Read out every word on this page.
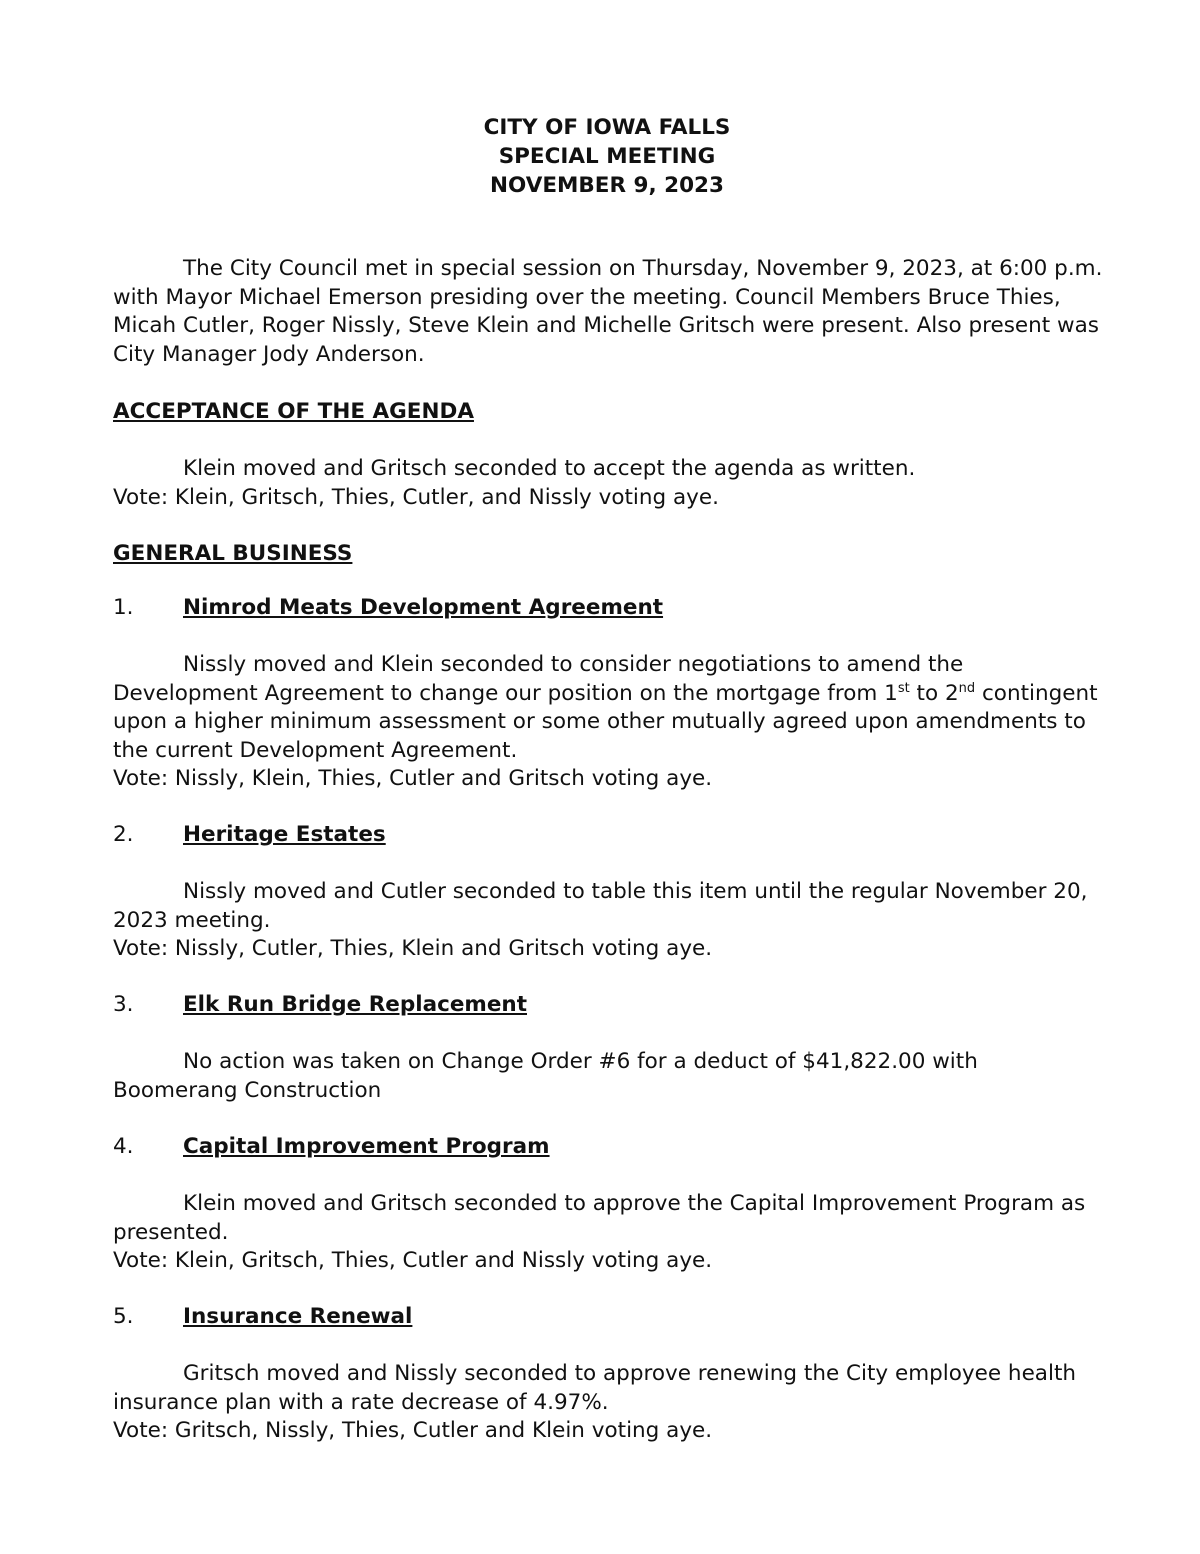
CITY OF IOWA FALLS
SPECIAL MEETING
NOVEMBER 9, 2023
The City Council met in special session on Thursday, November 9, 2023, at 6:00 p.m. with Mayor Michael Emerson presiding over the meeting. Council Members Bruce Thies, Micah Cutler, Roger Nissly, Steve Klein and Michelle Gritsch were present. Also present was City Manager Jody Anderson.
ACCEPTANCE OF THE AGENDA
Klein moved and Gritsch seconded to accept the agenda as written.
Vote: Klein, Gritsch, Thies, Cutler, and Nissly voting aye.
GENERAL BUSINESS
1. Nimrod Meats Development Agreement
Nissly moved and Klein seconded to consider negotiations to amend the Development Agreement to change our position on the mortgage from 1st to 2nd contingent upon a higher minimum assessment or some other mutually agreed upon amendments to the current Development Agreement.
Vote: Nissly, Klein, Thies, Cutler and Gritsch voting aye.
2. Heritage Estates
Nissly moved and Cutler seconded to table this item until the regular November 20, 2023 meeting.
Vote: Nissly, Cutler, Thies, Klein and Gritsch voting aye.
3. Elk Run Bridge Replacement
No action was taken on Change Order #6 for a deduct of $41,822.00 with Boomerang Construction
4. Capital Improvement Program
Klein moved and Gritsch seconded to approve the Capital Improvement Program as presented.
Vote: Klein, Gritsch, Thies, Cutler and Nissly voting aye.
5. Insurance Renewal
Gritsch moved and Nissly seconded to approve renewing the City employee health insurance plan with a rate decrease of 4.97%.
Vote: Gritsch, Nissly, Thies, Cutler and Klein voting aye.
